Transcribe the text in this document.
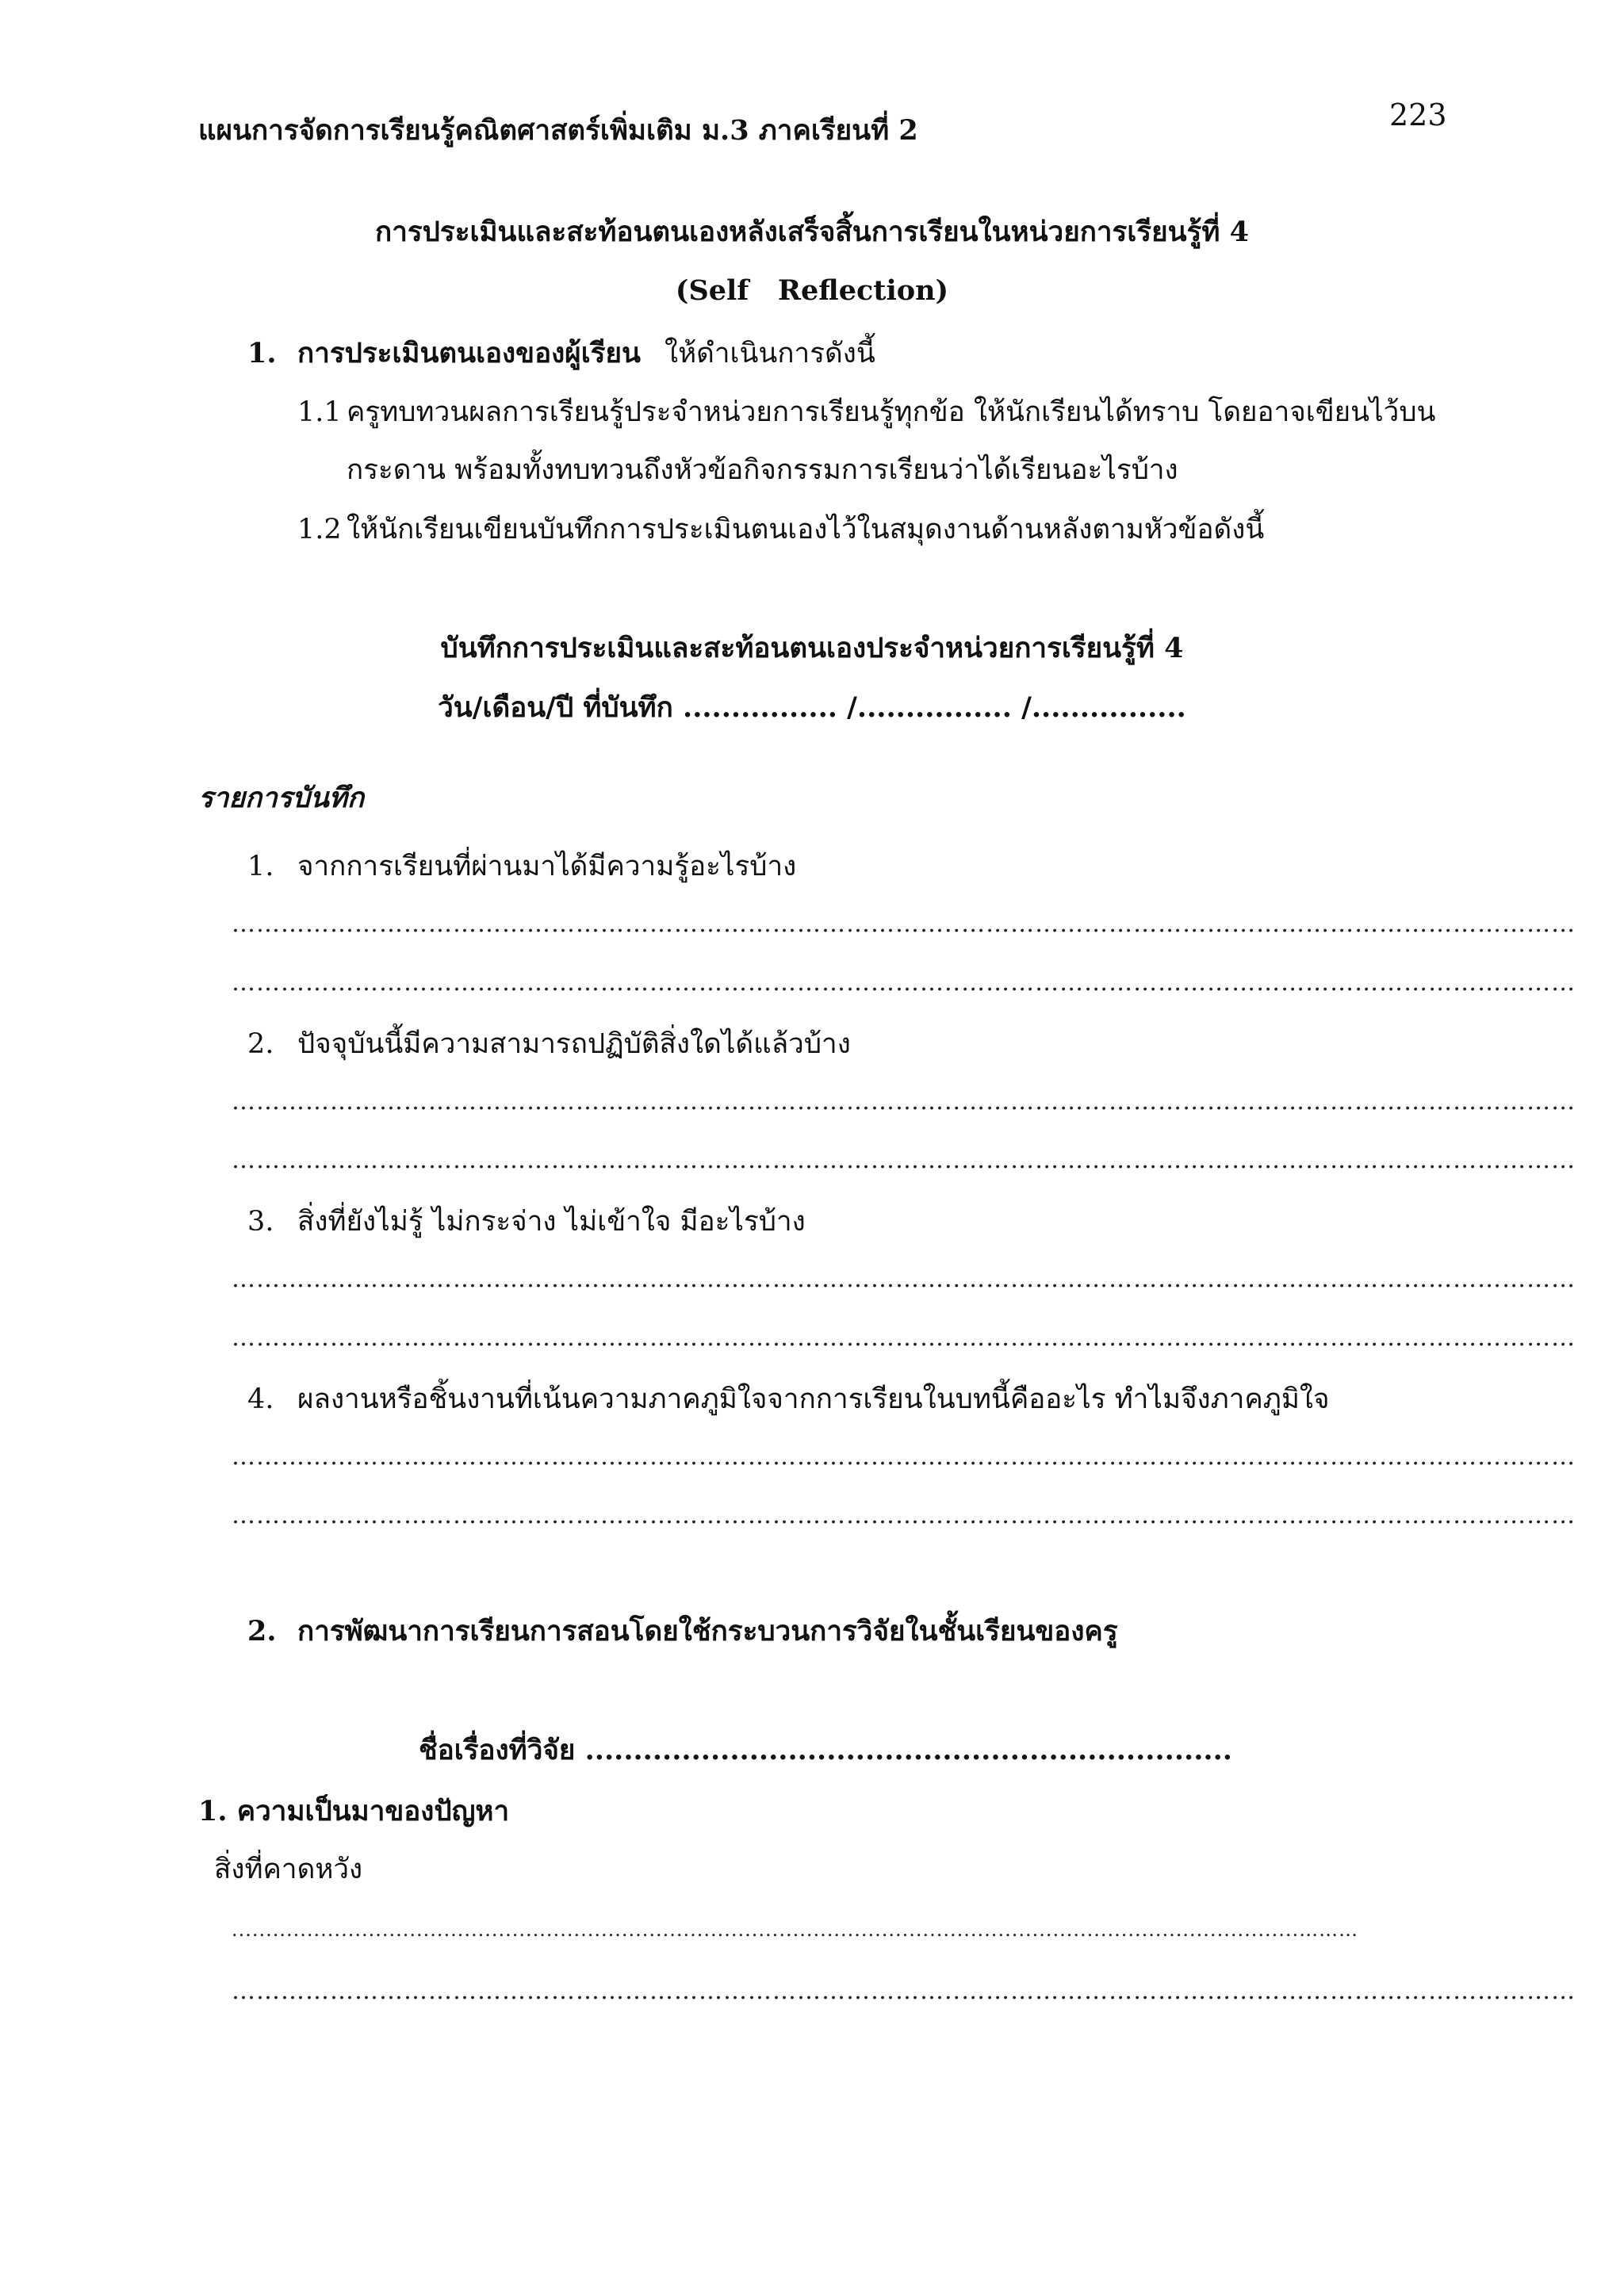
แผนการจัดการเรียนรู้คณิตศาสตร์เพิ่มเติม ม.3 ภาคเรียนที่ 2	223
การประเมินและสะท้อนตนเองหลังเสร็จสิ้นการเรียนในหน่วยการเรียนรู้ที่ 4
(Self   Reflection)
1. การประเมินตนเองของผู้เรียน ให้ดำเนินการดังนี้
1.1 ครูทบทวนผลการเรียนรู้ประจำหน่วยการเรียนรู้ทุกข้อ ให้นักเรียนได้ทราบ โดยอาจเขียนไว้บน
กระดาน พร้อมทั้งทบทวนถึงหัวข้อกิจกรรมการเรียนว่าได้เรียนอะไรบ้าง
1.2 ให้นักเรียนเขียนบันทึกการประเมินตนเองไว้ในสมุดงานด้านหลังตามหัวข้อดังนี้
บันทึกการประเมินและสะท้อนตนเองประจำหน่วยการเรียนรู้ที่ 4
วัน/เดือน/ปี ที่บันทึก ................ /................ /................
รายการบันทึก
1. จากการเรียนที่ผ่านมาได้มีความรู้อะไรบ้าง
……………………………………………………………………………..…………………………………………………………………
……………………………………………………………………………..…………………………………………………………………
2. ปัจจุบันนี้มีความสามารถปฏิบัติสิ่งใดได้แล้วบ้าง
……………………………………………………………………………..…………………………………………………………………
……………………………………………………………………………..…………………………………………………………………
3. สิ่งที่ยังไม่รู้ ไม่กระจ่าง ไม่เข้าใจ มีอะไรบ้าง
……………………………………………………………………………..…………………………………………………………………
……………………………………………………………………………..…………………………………………………………………
4. ผลงานหรือชิ้นงานที่เน้นความภาคภูมิใจจากการเรียนในบทนี้คืออะไร ทำไมจึงภาคภูมิใจ
……………………………………………………………………………..…………………………………………………………………
……………………………………………………………………………..…………………………………………………………………
2. การพัฒนาการเรียนการสอนโดยใช้กระบวนการวิจัยในชั้นเรียนของครู
ชื่อเรื่องที่วิจัย ...................................................................
1. ความเป็นมาของปัญหา
สิ่งที่คาดหวัง
............................................................................................................................................................………
……………………………………………………………………………..…………………………………………………………………
